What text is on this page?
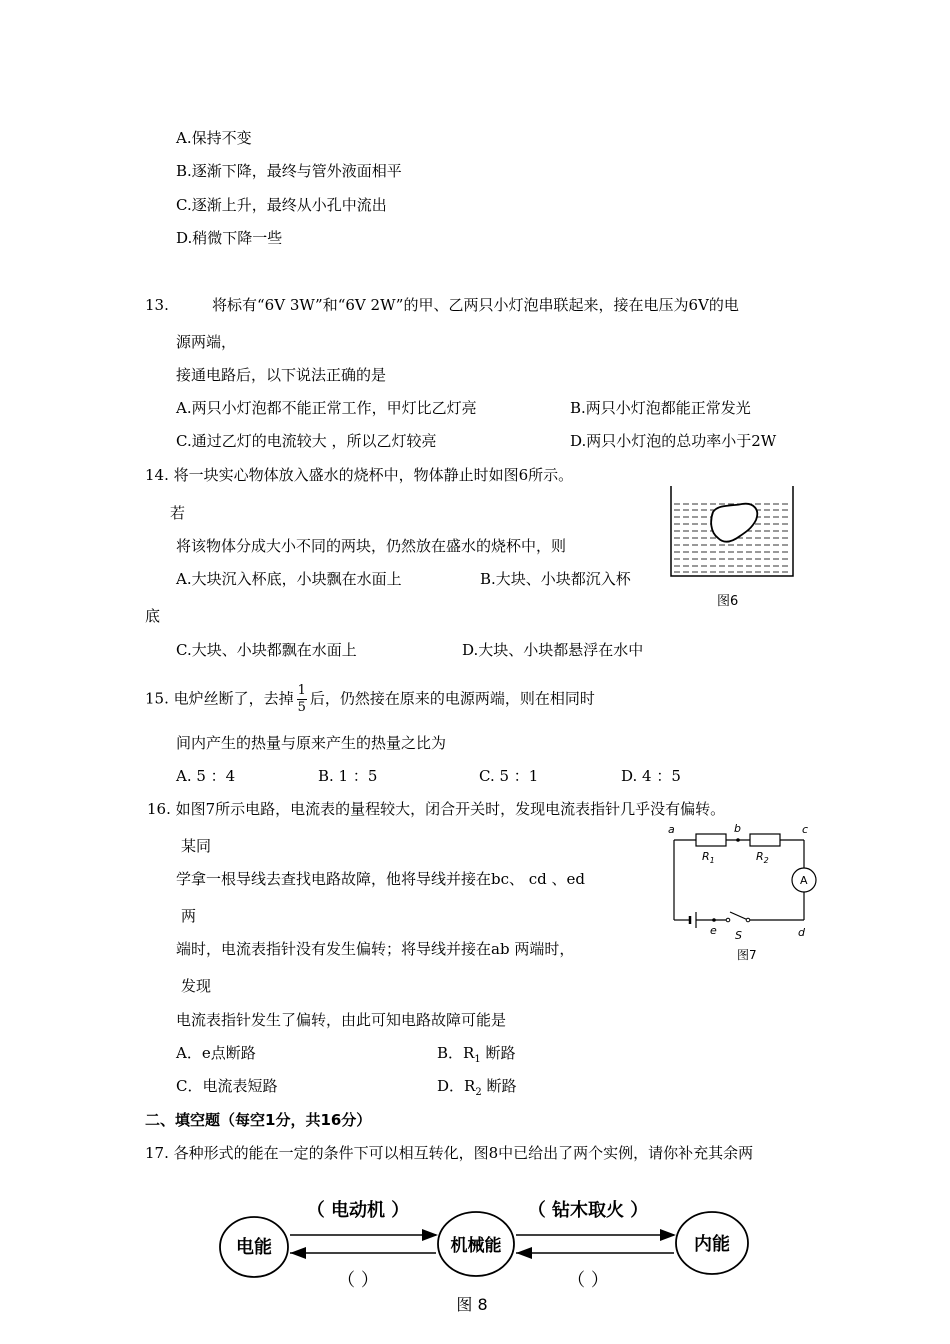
A.保持不变
B.逐渐下降，最终与管外液面相平
C.逐渐上升，最终从小孔中流出
D.稍微下降一些
13.	将标有“6V 3W”和“6V 2W”的甲、乙两只小灯泡串联起来，接在电压为6V的电
源两端，
接通电路后，以下说法正确的是
A.两只小灯泡都不能正常工作，甲灯比乙灯亮	B.两只小灯泡都能正常发光
C.通过乙灯的电流较大 ，所以乙灯较亮	D.两只小灯泡的总功率小于2W
14. 将一块实心物体放入盛水的烧杯中，物体静止时如图6所示。
若
将该物体分成大小不同的两块，仍然放在盛水的烧杯中，则
A.大块沉入杯底，小块飘在水面上	B.大块、小块都沉入杯
底
C.大块、小块都飘在水面上	D.大块、小块都悬浮在水中
图6
15. 电炉丝断了，去掉 $\frac{1}{5}$ 后，仍然接在原来的电源两端，则在相同时
间内产生的热量与原来产生的热量之比为
A. 5 ：4	B. 1 ：5	C. 5 ：1	D. 4 ：5
16. 如图7所示电路，电流表的量程较大，闭合开关时，发现电流表指针几乎没有偏转。
某同
学拿一根导线去查找电路故障，他将导线并接在bc、 cd 、ed
两
端时，电流表指针没有发生偏转；将导线并接在ab 两端时，
发现
电流表指针发生了偏转，由此可知电路故障可能是
A．e点断路	B．$R_1$ 断路
C．电流表短路	D．$R_2$ 断路
a	b	c
d
e
$R_1$	$R_2$
A
S
图7
二、填空题（每空1分，共16分）
17. 各种形式的能在一定的条件下可以相互转化，图8中已给出了两个实例，请你补充其余两
电能	机械能	内能
（ 电动机 ）	（ 钻木取火 ）
（ ）	（ ）
图 8
